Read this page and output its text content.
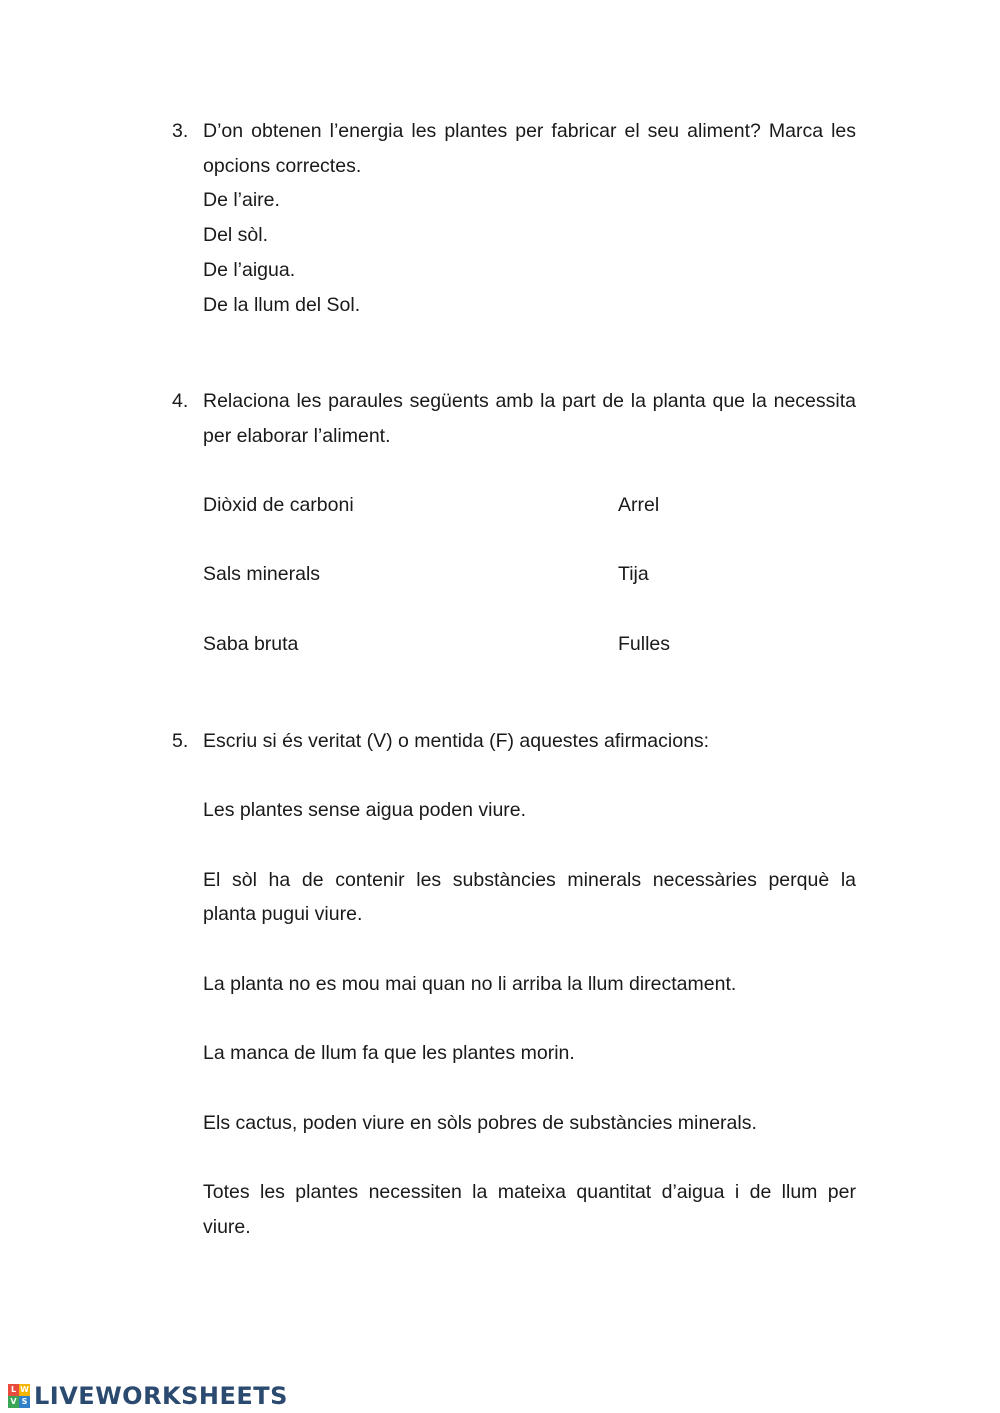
3. D’on obtenen l’energia les plantes per fabricar el seu aliment? Marca les
opcions correctes.
De l’aire.
Del sòl.
De l’aigua.
De la llum del Sol.
4. Relaciona les paraules següents amb la part de la planta que la necessita
per elaborar l’aliment.
Diòxid de carboni	Arrel
Sals minerals	Tija
Saba bruta	Fulles
5. Escriu si és veritat (V) o mentida (F) aquestes afirmacions:
Les plantes sense aigua poden viure.
El sòl ha de contenir les substàncies minerals necessàries perquè la
planta pugui viure.
La planta no es mou mai quan no li arriba la llum directament.
La manca de llum fa que les plantes morin.
Els cactus, poden viure en sòls pobres de substàncies minerals.
Totes les plantes necessiten la mateixa quantitat d’aigua i de llum per
viure.
L W
V S LIVEWORKSHEETS
